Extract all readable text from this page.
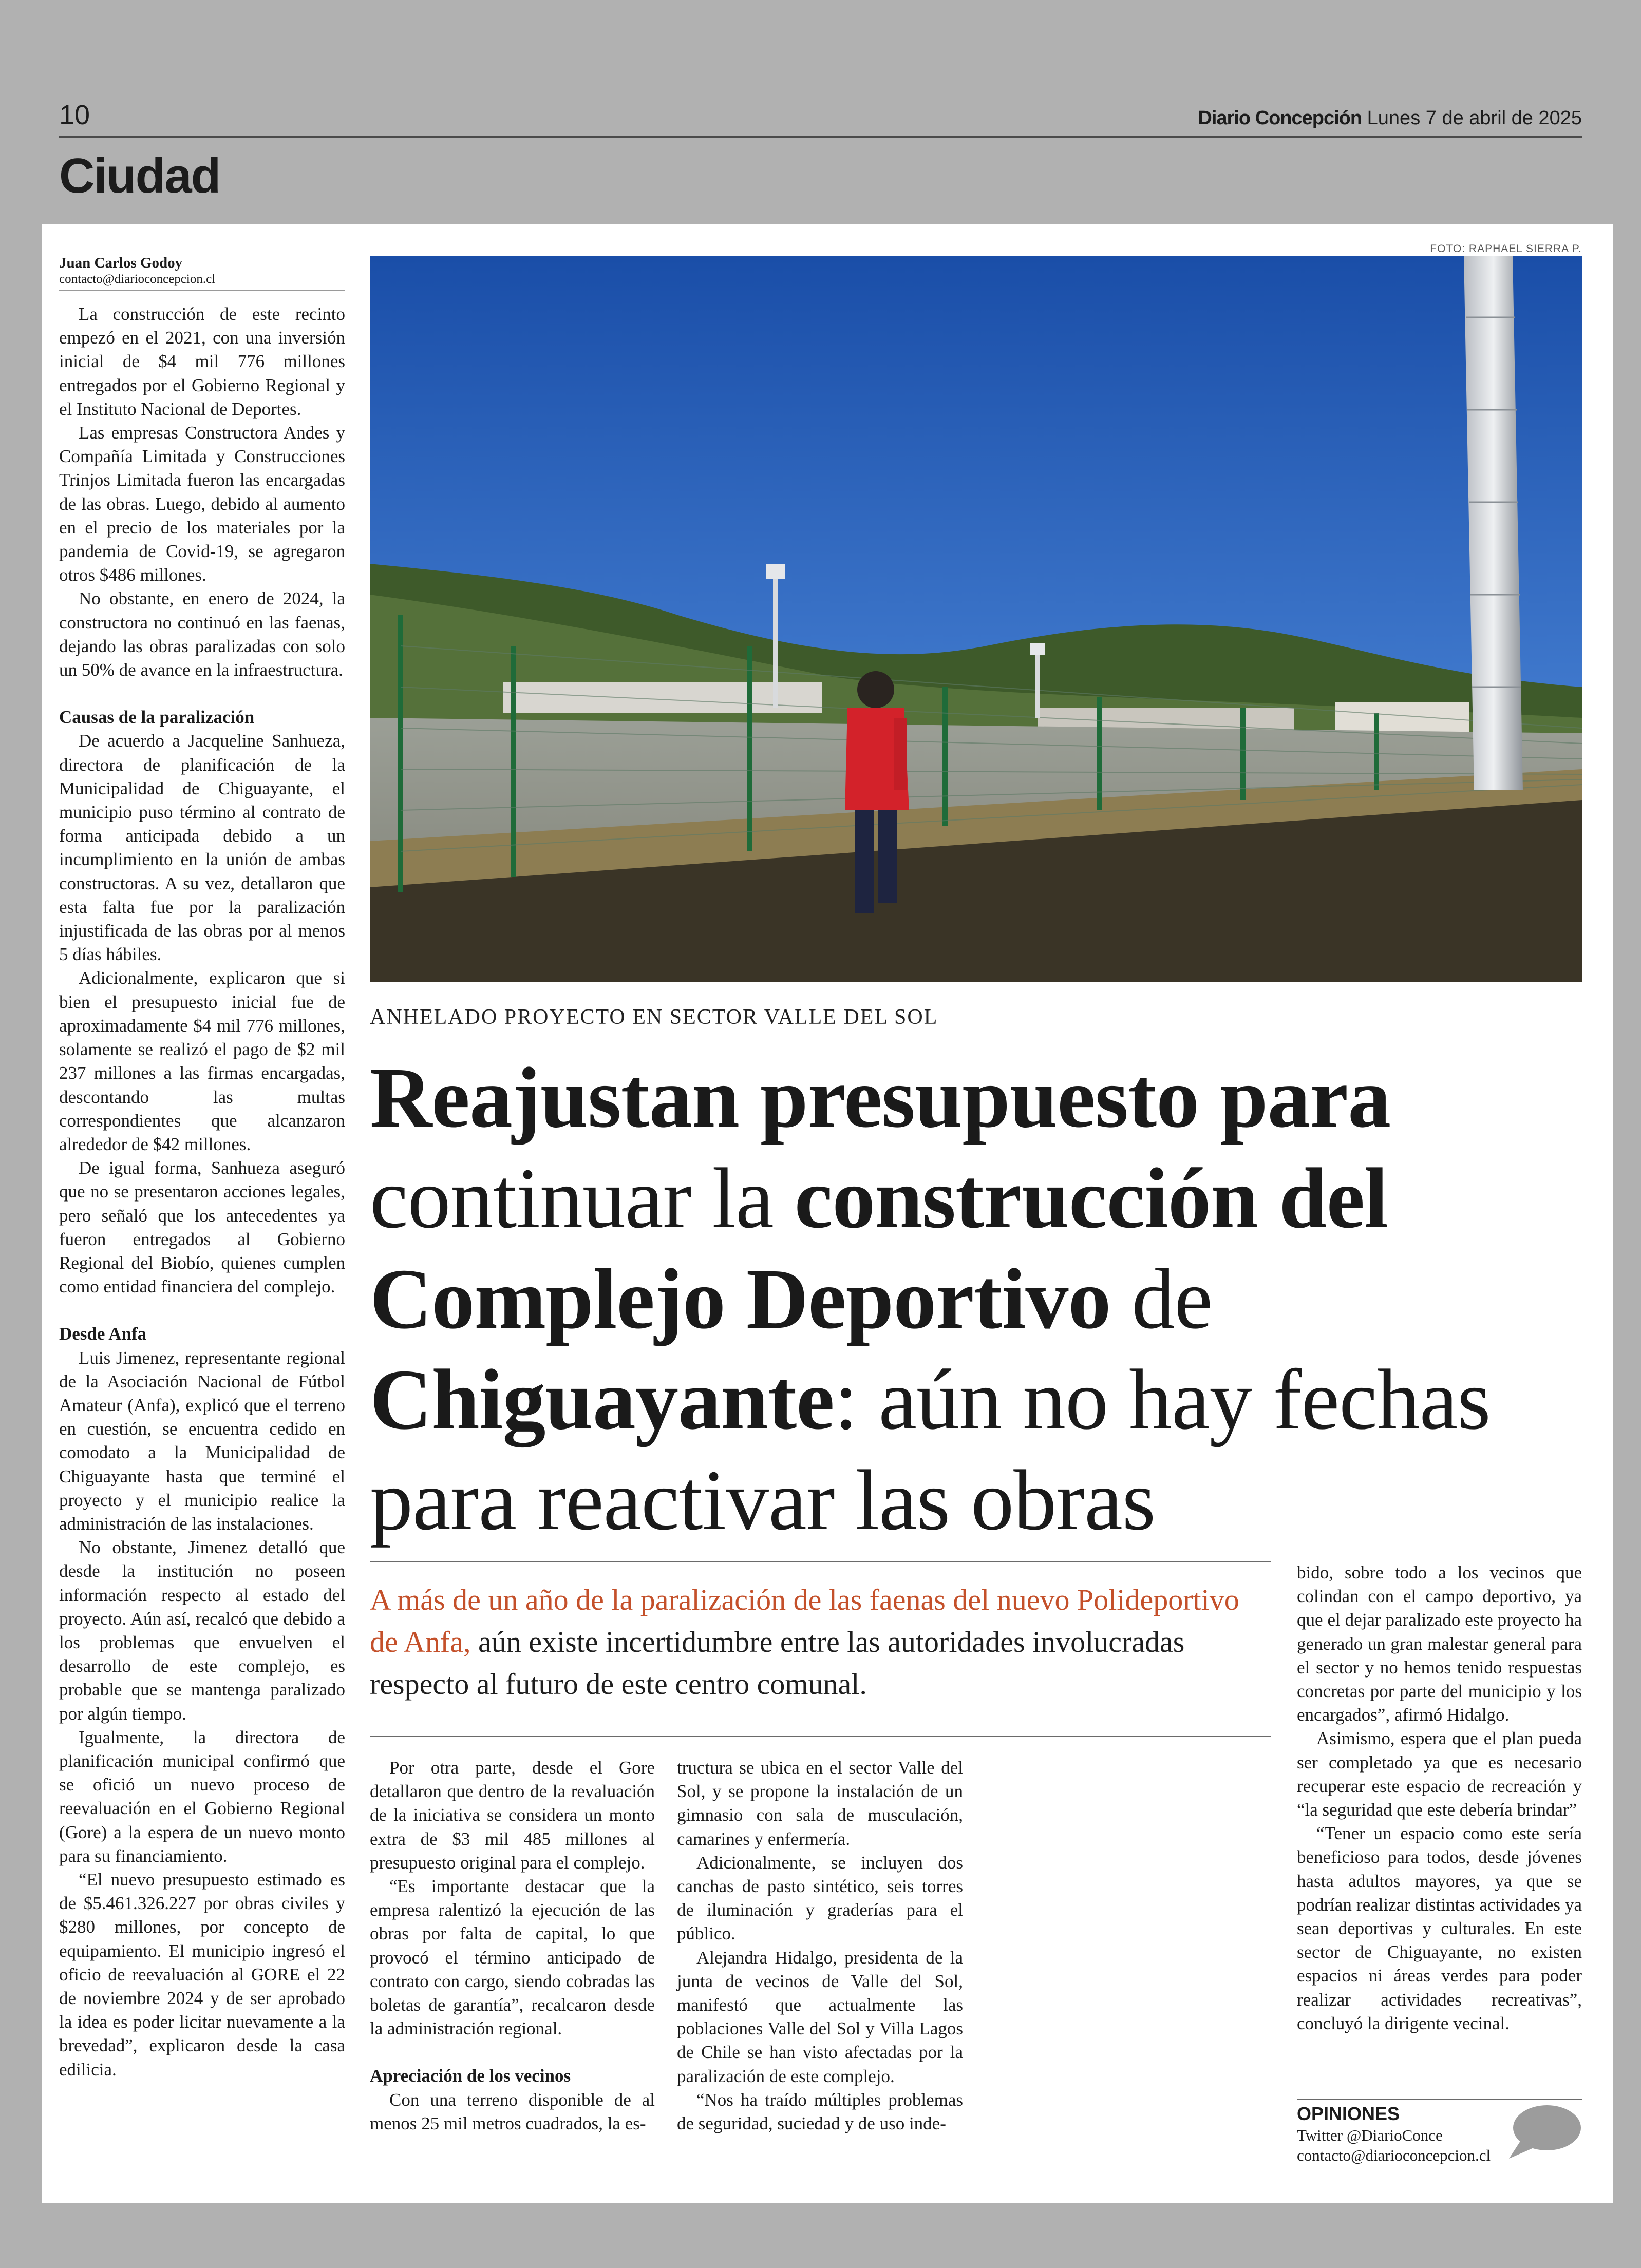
10	Diario Concepción Lunes 7 de abril de 2025
Ciudad
Juan Carlos Godoy
contacto@diarioconcepcion.cl

La construcción de este recinto empezó en el 2021, con una inversión inicial de $4 mil 776 millones entregados por el Gobierno Regional y el Instituto Nacional de Deportes.

Las empresas Constructora Andes y Compañía Limitada y Construcciones Trinjos Limitada fueron las encargadas de las obras. Luego, debido al aumento en el precio de los materiales por la pandemia de Covid-19, se agregaron otros $486 millones.

No obstante, en enero de 2024, la constructora no continuó en las faenas, dejando las obras paralizadas con solo un 50% de avance en la infraestructura.

Causas de la paralización

De acuerdo a Jacqueline Sanhueza, directora de planificación de la Municipalidad de Chiguayante, el municipio puso término al contrato de forma anticipada debido a un incumplimiento en la unión de ambas constructoras. A su vez, detallaron que esta falta fue por la paralización injustificada de las obras por al menos 5 días hábiles.

Adicionalmente, explicaron que si bien el presupuesto inicial fue de aproximadamente $4 mil 776 millones, solamente se realizó el pago de $2 mil 237 millones a las firmas encargadas, descontando las multas correspondientes que alcanzaron alrededor de $42 millones.

De igual forma, Sanhueza aseguró que no se presentaron acciones legales, pero señaló que los antecedentes ya fueron entregados al Gobierno Regional del Biobío, quienes cumplen como entidad financiera del complejo.

Desde Anfa

Luis Jimenez, representante regional de la Asociación Nacional de Fútbol Amateur (Anfa), explicó que el terreno en cuestión, se encuentra cedido en comodato a la Municipalidad de Chiguayante hasta que terminé el proyecto y el municipio realice la administración de las instalaciones.

No obstante, Jimenez detalló que desde la institución no poseen información respecto al estado del proyecto. Aún así, recalcó que debido a los problemas que envuelven el desarrollo de este complejo, es probable que se mantenga paralizado por algún tiempo.

Igualmente, la directora de planificación municipal confirmó que se ofició un nuevo proceso de reevaluación en el Gobierno Regional (Gore) a la espera de un nuevo monto para su financiamiento.

“El nuevo presupuesto estimado es de $5.461.326.227 por obras civiles y $280 millones, por concepto de equipamiento. El municipio ingresó el oficio de reevaluación al GORE el 22 de noviembre 2024 y de ser aprobado la idea es poder licitar nuevamente a la brevedad”, explicaron desde la casa edilicia.

FOTO: RAPHAEL SIERRA P.
ANHELADO PROYECTO EN SECTOR VALLE DEL SOL
Reajustan presupuesto para
continuar la construcción del Complejo Deportivo de Chiguayante: aún no hay fechas para reactivar las obras
A más de un año de la paralización de las faenas del nuevo Polideportivo de Anfa, aún existe incertidumbre entre las autoridades involucradas respecto al futuro de este centro comunal.

Por otra parte, desde el Gore detallaron que dentro de la revaluación de la iniciativa se considera un monto extra de $3 mil 485 millones al presupuesto original para el complejo.

“Es importante destacar que la empresa ralentizó la ejecución de las obras por falta de capital, lo que provocó el término anticipado de contrato con cargo, siendo cobradas las boletas de garantía”, recalcaron desde la administración regional.

Apreciación de los vecinos

Con una terreno disponible de al menos 25 mil metros cuadrados, la es-

tructura se ubica en el sector Valle del Sol, y se propone la instalación de un gimnasio con sala de musculación, camarines y enfermería.

Adicionalmente, se incluyen dos canchas de pasto sintético, seis torres de iluminación y graderías para el público.

Alejandra Hidalgo, presidenta de la junta de vecinos de Valle del Sol, manifestó que actualmente las poblaciones Valle del Sol y Villa Lagos de Chile se han visto afectadas por la paralización de este complejo.

“Nos ha traído múltiples problemas de seguridad, suciedad y de uso inde-

bido, sobre todo a los vecinos que colindan con el campo deportivo, ya que el dejar paralizado este proyecto ha generado un gran malestar general para el sector y no hemos tenido respuestas concretas por parte del municipio y los encargados”, afirmó Hidalgo.

Asimismo, espera que el plan pueda ser completado ya que es necesario recuperar este espacio de recreación y “la seguridad que este debería brindar”

“Tener un espacio como este sería beneficioso para todos, desde jóvenes hasta adultos mayores, ya que se podrían realizar distintas actividades ya sean deportivas y culturales. En este sector de Chiguayante, no existen espacios ni áreas verdes para poder realizar actividades recreativas”, concluyó la dirigente vecinal.

OPINIONES
Twitter @DiarioConce
contacto@diarioconcepcion.cl
